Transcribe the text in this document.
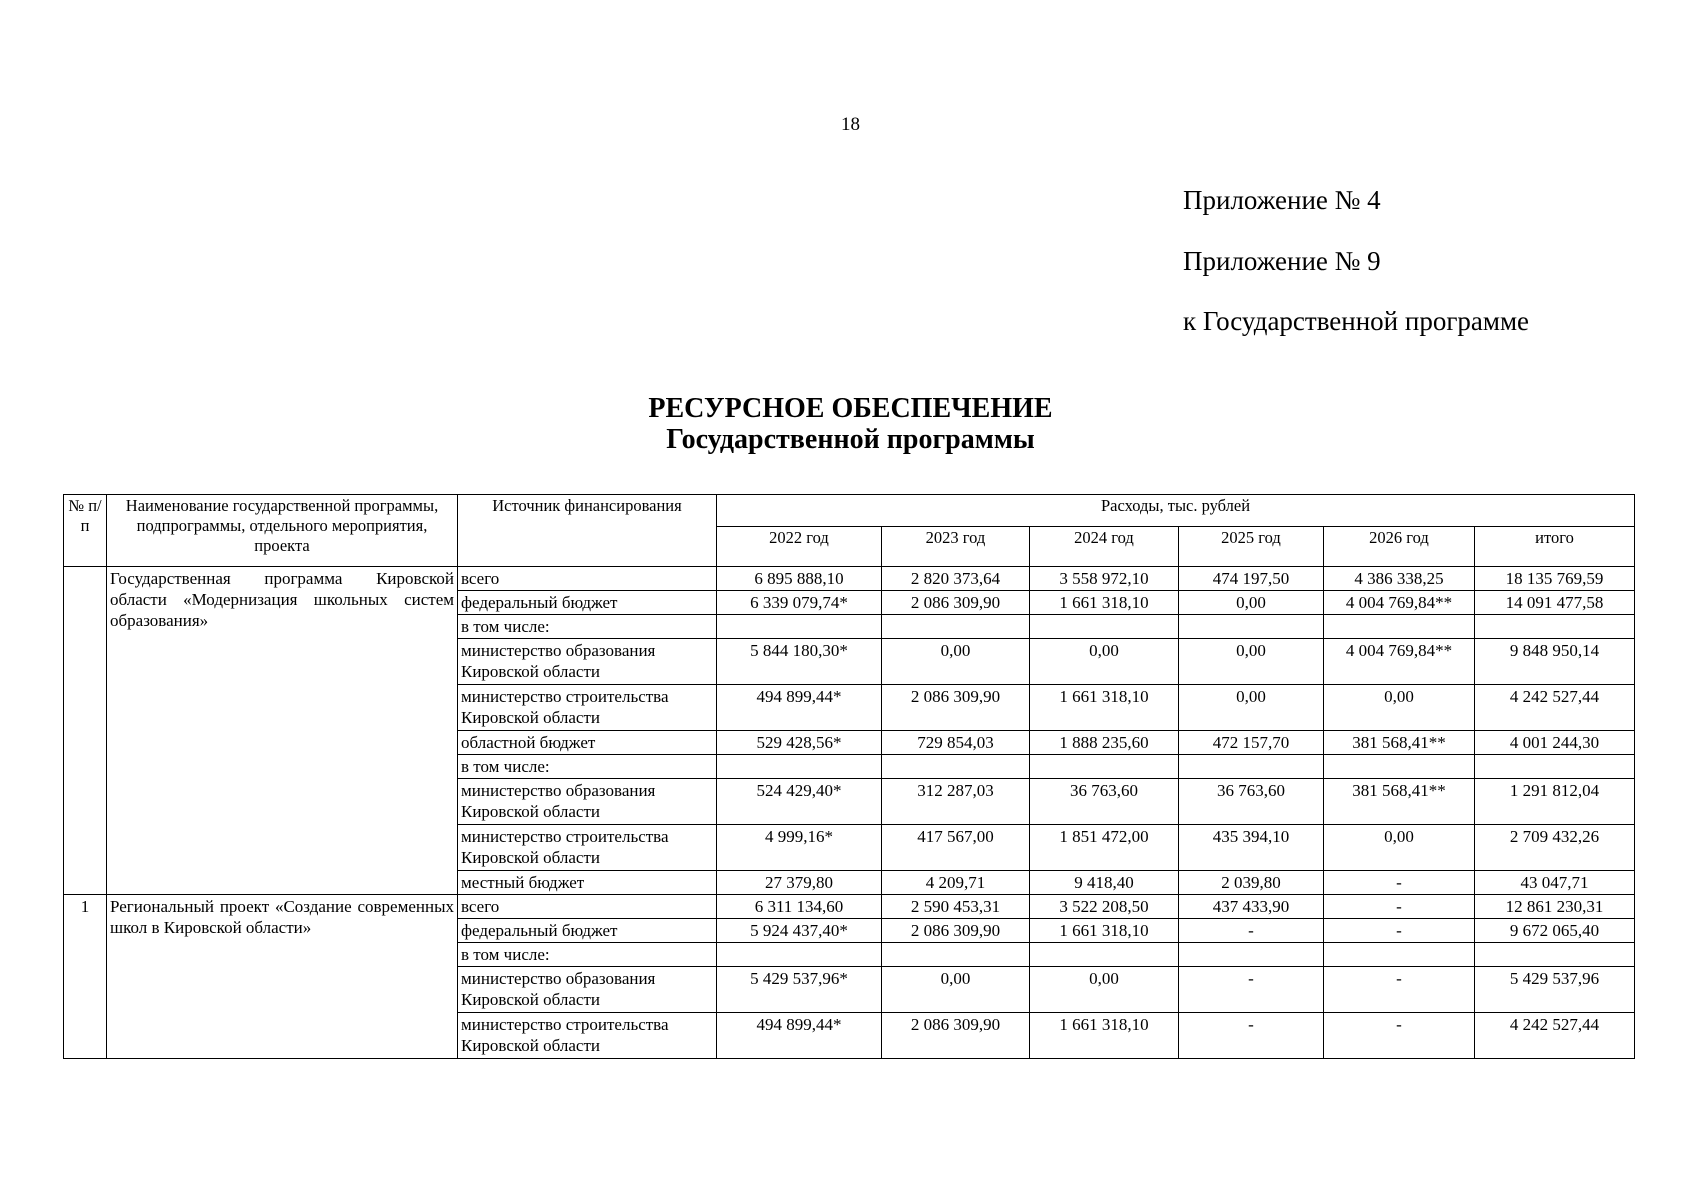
18
Приложение № 4
Приложение № 9
к Государственной программе
РЕСУРСНОЕ ОБЕСПЕЧЕНИЕ
Государственной программы
№ п/п	Наименование государственной программы, подпрограммы, отдельного мероприятия, проекта	Источник финансирования	Расходы, тыс. рублей					
			2022 год	2023 год	2024 год	2025 год	2026 год	итого
	Государственная программа Кировской области «Модернизация школьных систем образования»	всего	6 895 888,10	2 820 373,64	3 558 972,10	474 197,50	4 386 338,25	18 135 769,59
		федеральный бюджет	6 339 079,74*	2 086 309,90	1 661 318,10	0,00	4 004 769,84**	14 091 477,58
		в том числе:						
		министерство образования Кировской области	5 844 180,30*	0,00	0,00	0,00	4 004 769,84**	9 848 950,14
		министерство строительства Кировской области	494 899,44*	2 086 309,90	1 661 318,10	0,00	0,00	4 242 527,44
		областной бюджет	529 428,56*	729 854,03	1 888 235,60	472 157,70	381 568,41**	4 001 244,30
		в том числе:						
		министерство образования Кировской области	524 429,40*	312 287,03	36 763,60	36 763,60	381 568,41**	1 291 812,04
		министерство строительства Кировской области	4 999,16*	417 567,00	1 851 472,00	435 394,10	0,00	2 709 432,26
		местный бюджет	27 379,80	4 209,71	9 418,40	2 039,80	-	43 047,71
1	Региональный проект «Создание современных школ в Кировской области»	всего	6 311 134,60	2 590 453,31	3 522 208,50	437 433,90	-	12 861 230,31
		федеральный бюджет	5 924 437,40*	2 086 309,90	1 661 318,10	-	-	9 672 065,40
		в том числе:						
		министерство образования Кировской области	5 429 537,96*	0,00	0,00	-	-	5 429 537,96
		министерство строительства Кировской области	494 899,44*	2 086 309,90	1 661 318,10	-	-	4 242 527,44
